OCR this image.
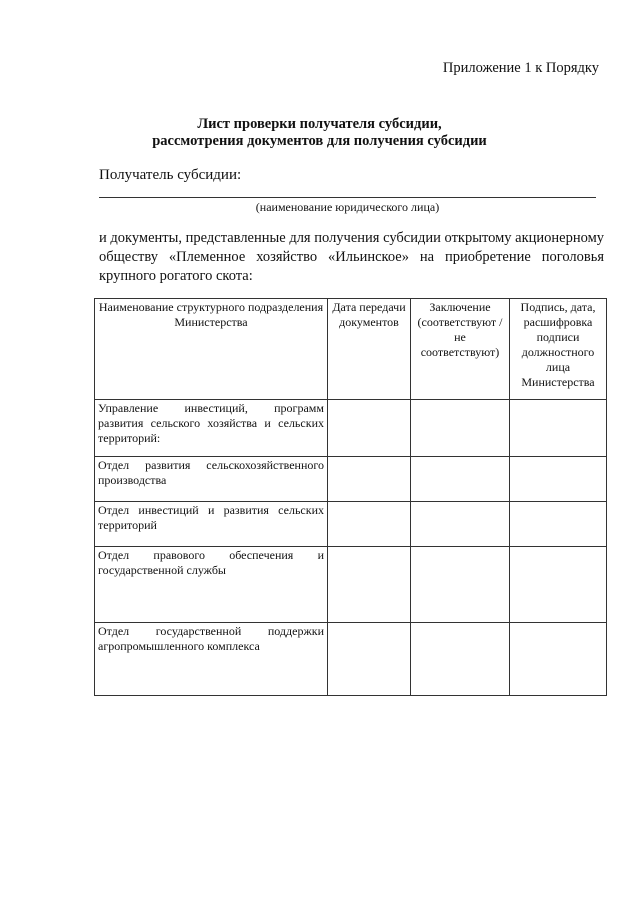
Приложение 1 к Порядку
Лист проверки получателя субсидии,
рассмотрения документов для получения субсидии
Получатель субсидии:
(наименование юридического лица)
и документы, представленные для получения субсидии открытому акционерному обществу «Племенное хозяйство «Ильинское» на приобретение поголовья крупного рогатого скота:
Наименование структурного подразделения Министерства	Дата передачи документов	Заключение (соответствуют / не соответствуют)	Подпись, дата, расшифровка подписи должностного лица Министерства
Управление инвестиций, программ развития сельского хозяйства и сельских территорий:			
Отдел развития сельскохозяйственного производства			
Отдел инвестиций и развития сельских территорий			
Отдел правового обеспечения и государственной службы			
Отдел государственной поддержки агропромышленного комплекса			
